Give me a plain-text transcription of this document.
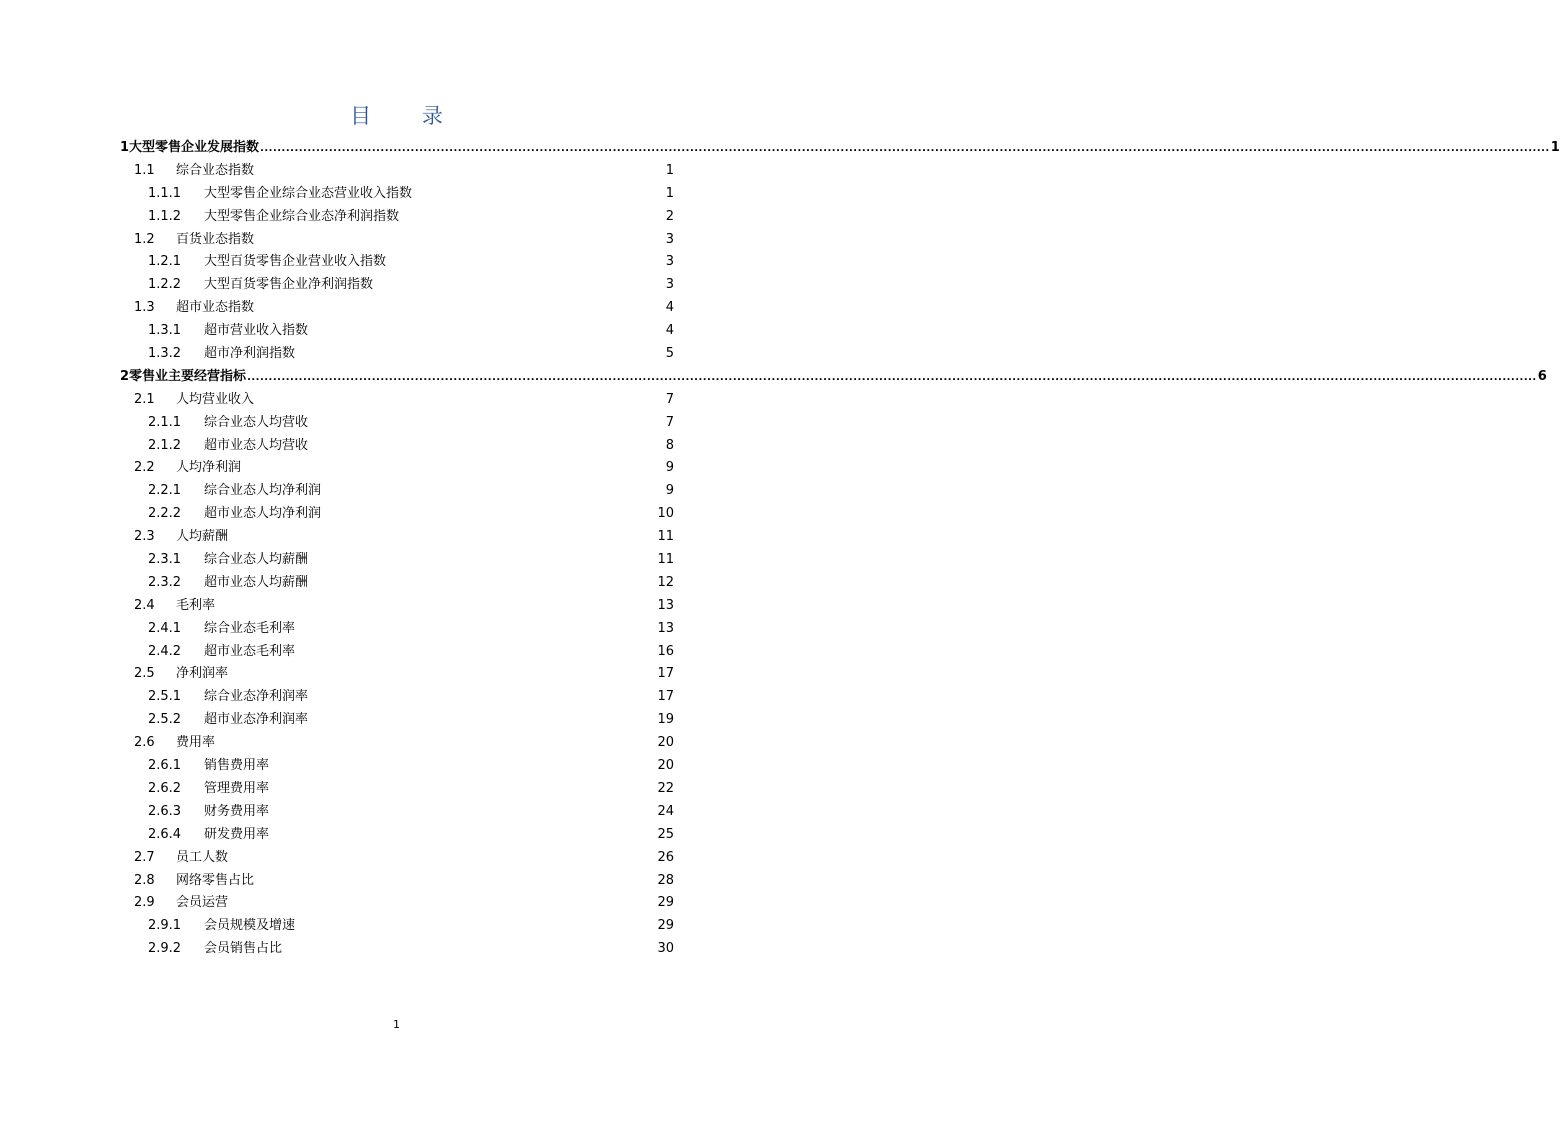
目 录
1 大型零售企业发展指数 ............................................................................................................................................................................................................................................................................................................ 1
1.1	综合业态指数	1
1.1.1	大型零售企业综合业态营业收入指数	1
1.1.2	大型零售企业综合业态净利润指数	2
1.2	百货业态指数	3
1.2.1	大型百货零售企业营业收入指数	3
1.2.2	大型百货零售企业净利润指数	3
1.3	超市业态指数	4
1.3.1	超市营业收入指数	4
1.3.2	超市净利润指数	5
2 零售业主要经营指标 ............................................................................................................................................................................................................................................................................................................ 6
2.1	人均营业收入	7
2.1.1	综合业态人均营收	7
2.1.2	超市业态人均营收	8
2.2	人均净利润	9
2.2.1	综合业态人均净利润	9
2.2.2	超市业态人均净利润	10
2.3	人均薪酬	11
2.3.1	综合业态人均薪酬	11
2.3.2	超市业态人均薪酬	12
2.4	毛利率	13
2.4.1	综合业态毛利率	13
2.4.2	超市业态毛利率	16
2.5	净利润率	17
2.5.1	综合业态净利润率	17
2.5.2	超市业态净利润率	19
2.6	费用率	20
2.6.1	销售费用率	20
2.6.2	管理费用率	22
2.6.3	财务费用率	24
2.6.4	研发费用率	25
2.7	员工人数	26
2.8	网络零售占比	28
2.9	会员运营	29
2.9.1	会员规模及增速	29
2.9.2	会员销售占比	30
1
